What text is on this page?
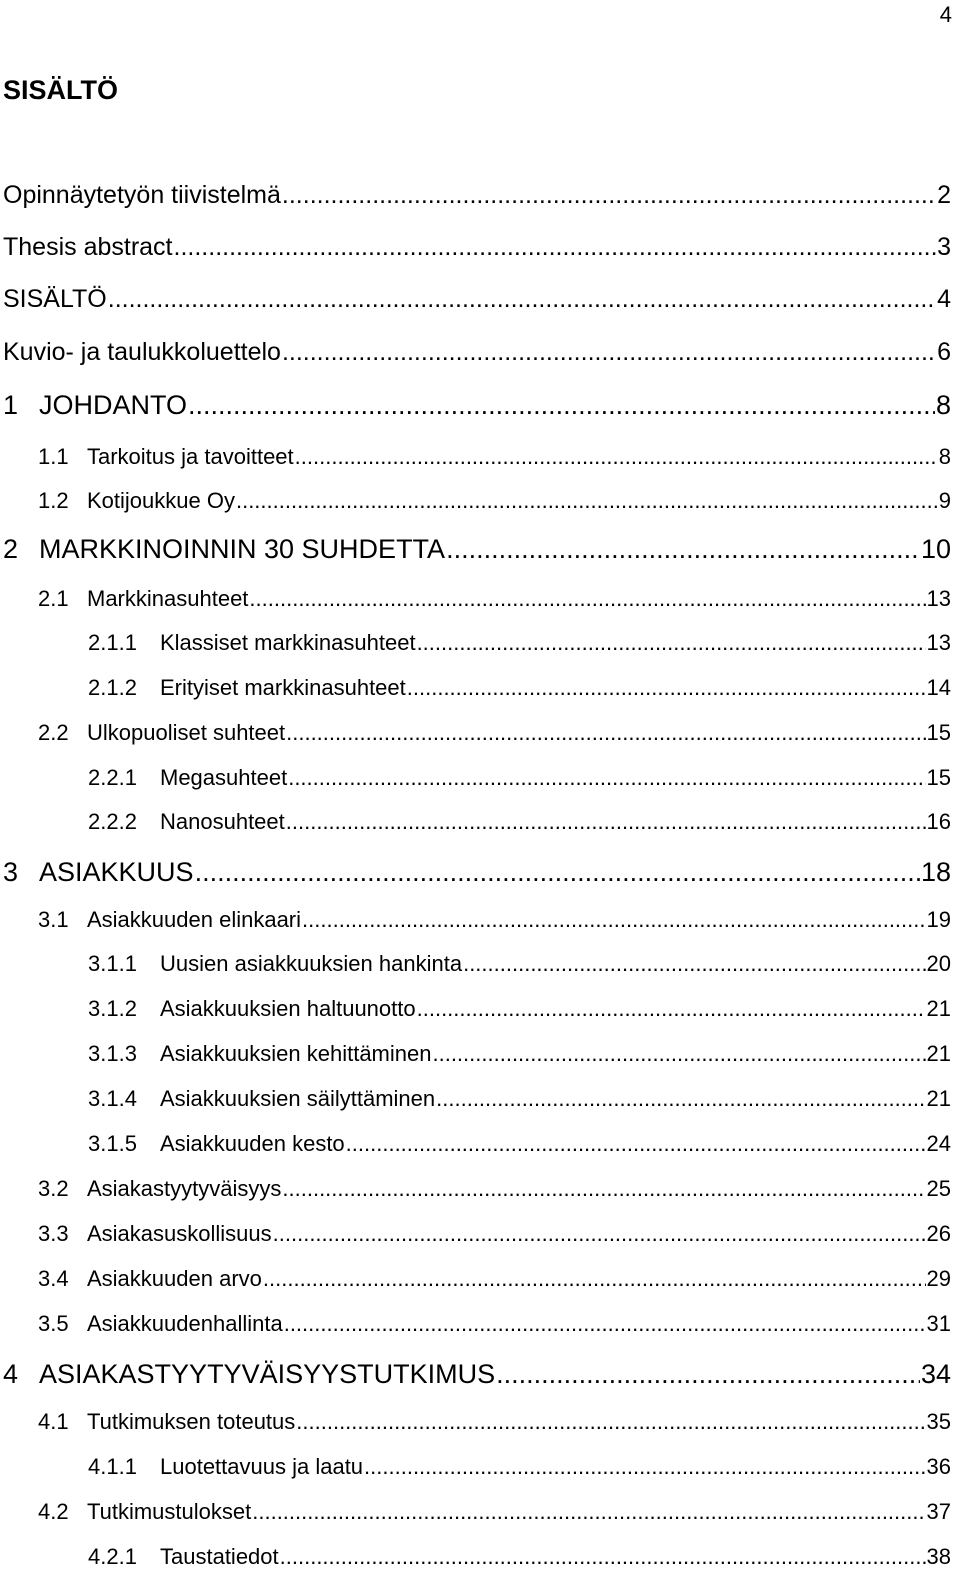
4
SISÄLTÖ
Opinnäytetyön tiivistelmä .....	2
Thesis abstract .....	3
SISÄLTÖ .....	4
Kuvio- ja taulukkoluettelo .....	6
1 JOHDANTO .....	8
1.1 Tarkoitus ja tavoitteet .....	8
1.2 Kotijoukkue Oy .....	9
2 MARKKINOINNIN 30 SUHDETTA .....	10
2.1 Markkinasuhteet .....	13
2.1.1	Klassiset markkinasuhteet .....	13
2.1.2	Erityiset markkinasuhteet .....	14
2.2 Ulkopuoliset suhteet .....	15
2.2.1	Megasuhteet .....	15
2.2.2	Nanosuhteet .....	16
3 ASIAKKUUS .....	18
3.1 Asiakkuuden elinkaari .....	19
3.1.1	Uusien asiakkuuksien hankinta .....	20
3.1.2	Asiakkuuksien haltuunotto .....	21
3.1.3	Asiakkuuksien kehittäminen .....	21
3.1.4	Asiakkuuksien säilyttäminen .....	21
3.1.5	Asiakkuuden kesto .....	24
3.2 Asiakastyytyväisyys .....	25
3.3 Asiakasuskollisuus .....	26
3.4 Asiakkuuden arvo .....	29
3.5 Asiakkuudenhallinta .....	31
4 ASIAKASTYYTYVÄISYYSTUTKIMUS .....	34
4.1 Tutkimuksen toteutus .....	35
4.1.1	Luotettavuus ja laatu .....	36
4.2 Tutkimustulokset .....	37
4.2.1	Taustatiedot .....	38
